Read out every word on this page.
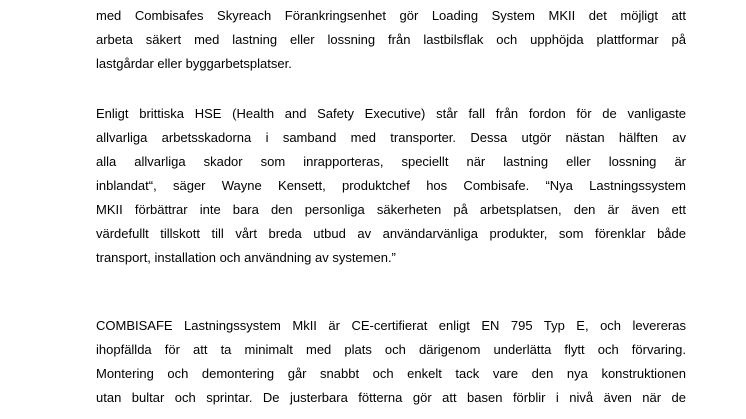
med Combisafes Skyreach Förankringsenhet gör Loading System MKII det möjligt att
arbeta säkert med lastning eller lossning från lastbilsflak och upphöjda plattformar på
lastgårdar eller byggarbetsplatser.
Enligt brittiska HSE (Health and Safety Executive) står fall från fordon för de vanligaste
allvarliga arbetsskadorna i samband med transporter. Dessa utgör nästan hälften av
alla allvarliga skador som inrapporteras, speciellt när lastning eller lossning är
inblandat“, säger Wayne Kensett, produktchef hos Combisafe. “Nya Lastningssystem
MKII förbättrar inte bara den personliga säkerheten på arbetsplatsen, den är även ett
värdefullt tillskott till vårt breda utbud av användarvänliga produkter, som förenklar både
transport, installation och användning av systemen.”
COMBISAFE Lastningssystem MkII är CE-certifierat enligt EN 795 Typ E, och levereras
ihopfällda för att ta minimalt med plats och därigenom underlätta flytt och förvaring.
Montering och demontering går snabbt och enkelt tack vare den nya konstruktionen
utan bultar och sprintar. De justerbara fötterna gör att basen förblir i nivå även när de
